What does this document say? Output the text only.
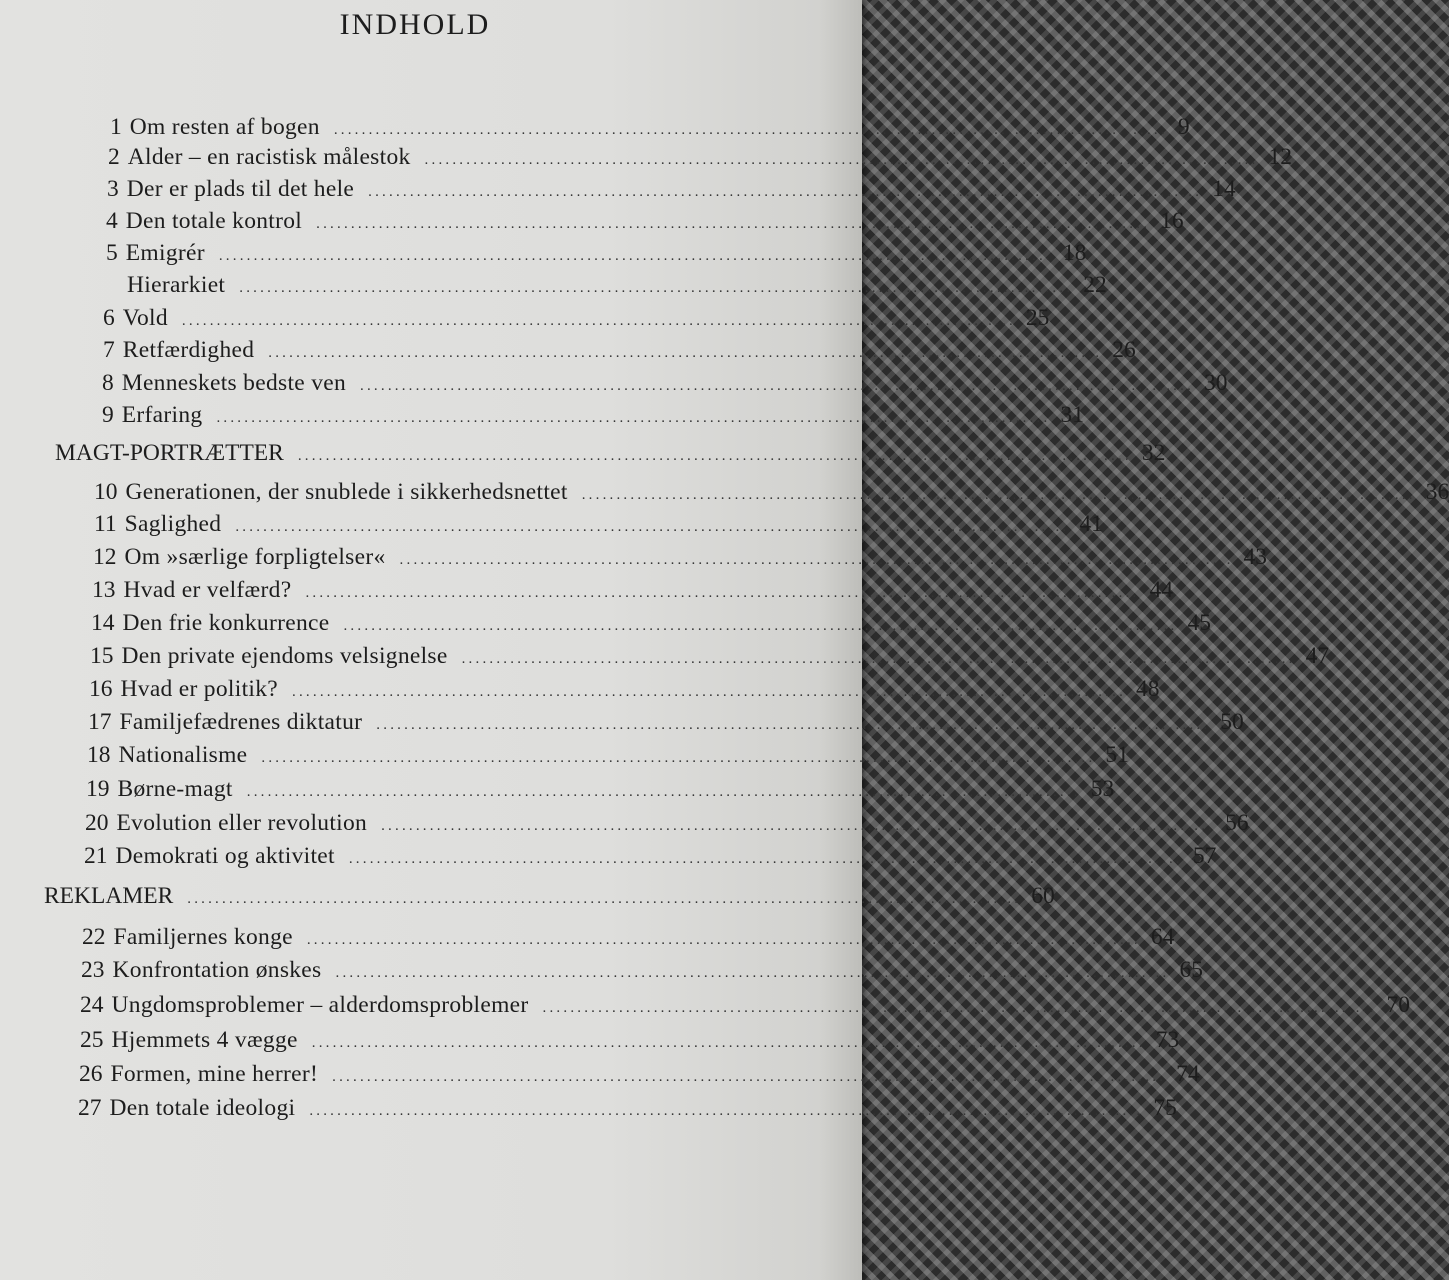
INDHOLD
1 Om resten af bogen ........................................................................................................................ 9
2 Alder – en racistisk målestok ........................................................................................................................ 12
3 Der er plads til det hele ........................................................................................................................ 14
4 Den totale kontrol ........................................................................................................................ 16
5 Emigrér ........................................................................................................................ 18
Hierarkiet ........................................................................................................................ 22
6 Vold ........................................................................................................................ 25
7 Retfærdighed ........................................................................................................................ 26
8 Menneskets bedste ven ........................................................................................................................ 30
9 Erfaring ........................................................................................................................ 31
MAGT-PORTRÆTTER ........................................................................................................................ 32
10 Generationen, der snublede i sikkerhedsnettet ........................................................................................................................ 36
11 Saglighed ........................................................................................................................ 41
12 Om »særlige forpligtelser« ........................................................................................................................ 43
13 Hvad er velfærd? ........................................................................................................................ 44
14 Den frie konkurrence ........................................................................................................................ 45
15 Den private ejendoms velsignelse ........................................................................................................................ 47
16 Hvad er politik? ........................................................................................................................ 48
17 Familjefædrenes diktatur ........................................................................................................................ 50
18 Nationalisme ........................................................................................................................ 51
19 Børne-magt ........................................................................................................................ 53
20 Evolution eller revolution ........................................................................................................................ 56
21 Demokrati og aktivitet ........................................................................................................................ 57
REKLAMER ........................................................................................................................ 60
22 Familjernes konge ........................................................................................................................ 64
23 Konfrontation ønskes ........................................................................................................................ 65
24 Ungdomsproblemer – alderdomsproblemer ........................................................................................................................ 70
25 Hjemmets 4 vægge ........................................................................................................................ 73
26 Formen, mine herrer! ........................................................................................................................ 74
27 Den totale ideologi ........................................................................................................................ 75
